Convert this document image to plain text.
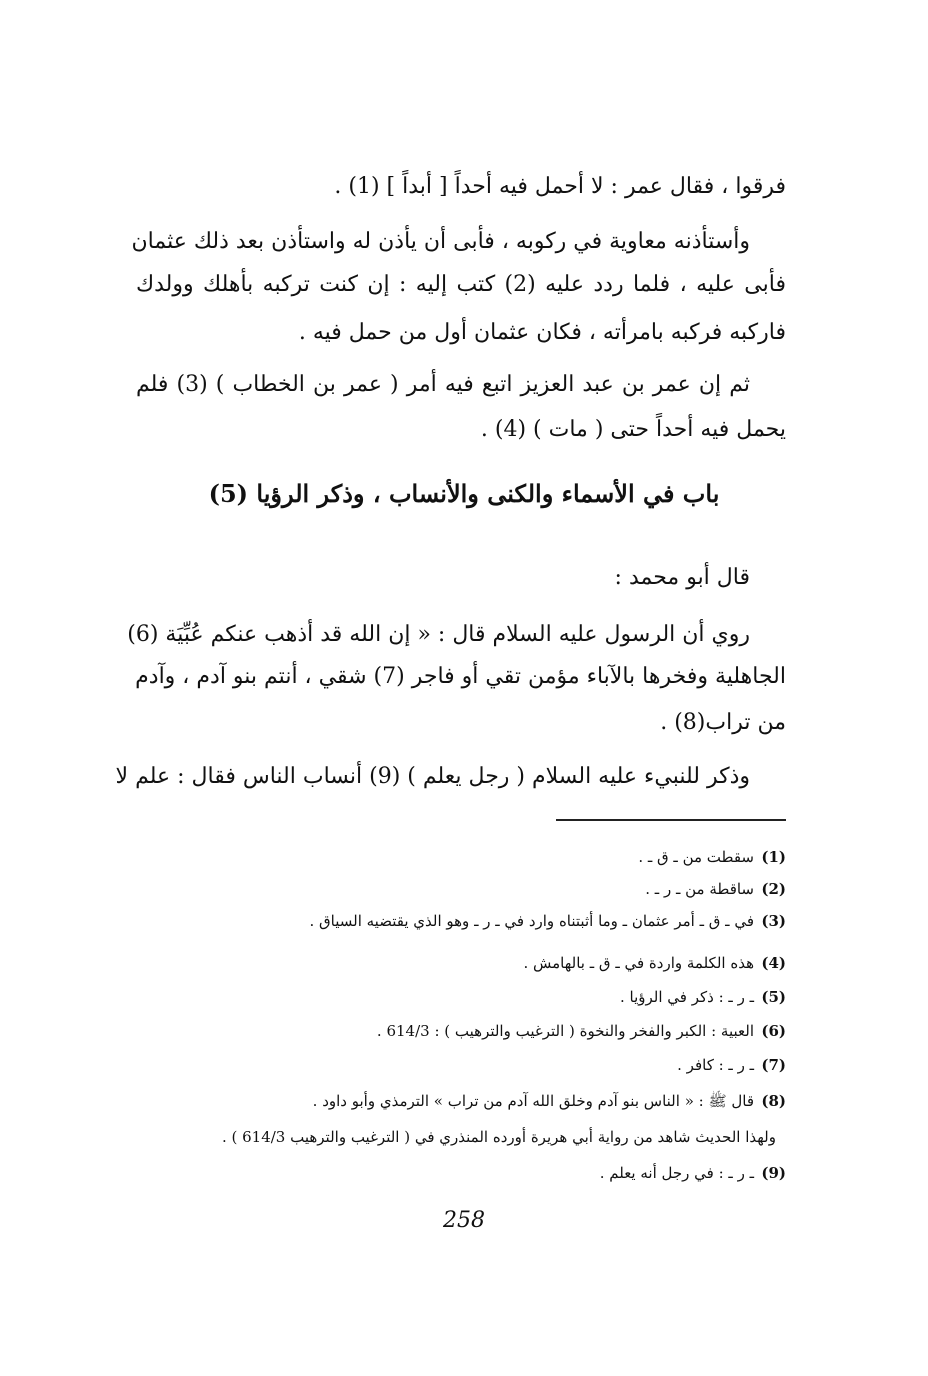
فرقوا ، فقال عمر : لا أحمل فيه أحداً [ أبداً ] (1) .
وأستأذنه معاوية في ركوبه ، فأبى أن يأذن له واستأذن بعد ذلك عثمان
فأبى عليه ، فلما ردد عليه (2) كتب إليه : إن كنت تركبه بأهلك وولدك
فاركبه فركبه بامرأته ، فكان عثمان أول من حمل فيه .
ثم إن عمر بن عبد العزيز اتبع فيه أمر ( عمر بن الخطاب ) (3) فلم
يحمل فيه أحداً حتى ( مات ) (4) .
باب في الأسماء والكنى والأنساب ، وذكر الرؤيا (5)
قال أبو محمد :
روي أن الرسول عليه السلام قال : « إن الله قد أذهب عنكم عُبِّيَة (6)
الجاهلية وفخرها بالآباء مؤمن تقي أو فاجر (7) شقي ، أنتم بنو آدم ، وآدم
من تراب(8) .
وذكر للنبيء عليه السلام ( رجل يعلم ) (9) أنساب الناس فقال : علم لا
(1)سقطت من ـ ق ـ .
(2)ساقطة من ـ ر ـ .
(3)في ـ ق ـ أمر عثمان ـ وما أثبتناه وارد في ـ ر ـ وهو الذي يقتضيه السياق .
(4)هذه الكلمة واردة في ـ ق ـ بالهامش .
(5)ـ ر ـ : ذكر في الرؤيا .
(6)العبية : الكبر والفخر والنخوة ( الترغيب والترهيب ) : 614/3 .
(7)ـ ر ـ : كافر .
(8)قال ﷺ : « الناس بنو آدم وخلق الله آدم من تراب » الترمذي وأبو داود .
ولهذا الحديث شاهد من رواية أبي هريرة أورده المنذري في ( الترغيب والترهيب 614/3 ) .
(9)ـ ر ـ : في رجل أنه يعلم .
258
